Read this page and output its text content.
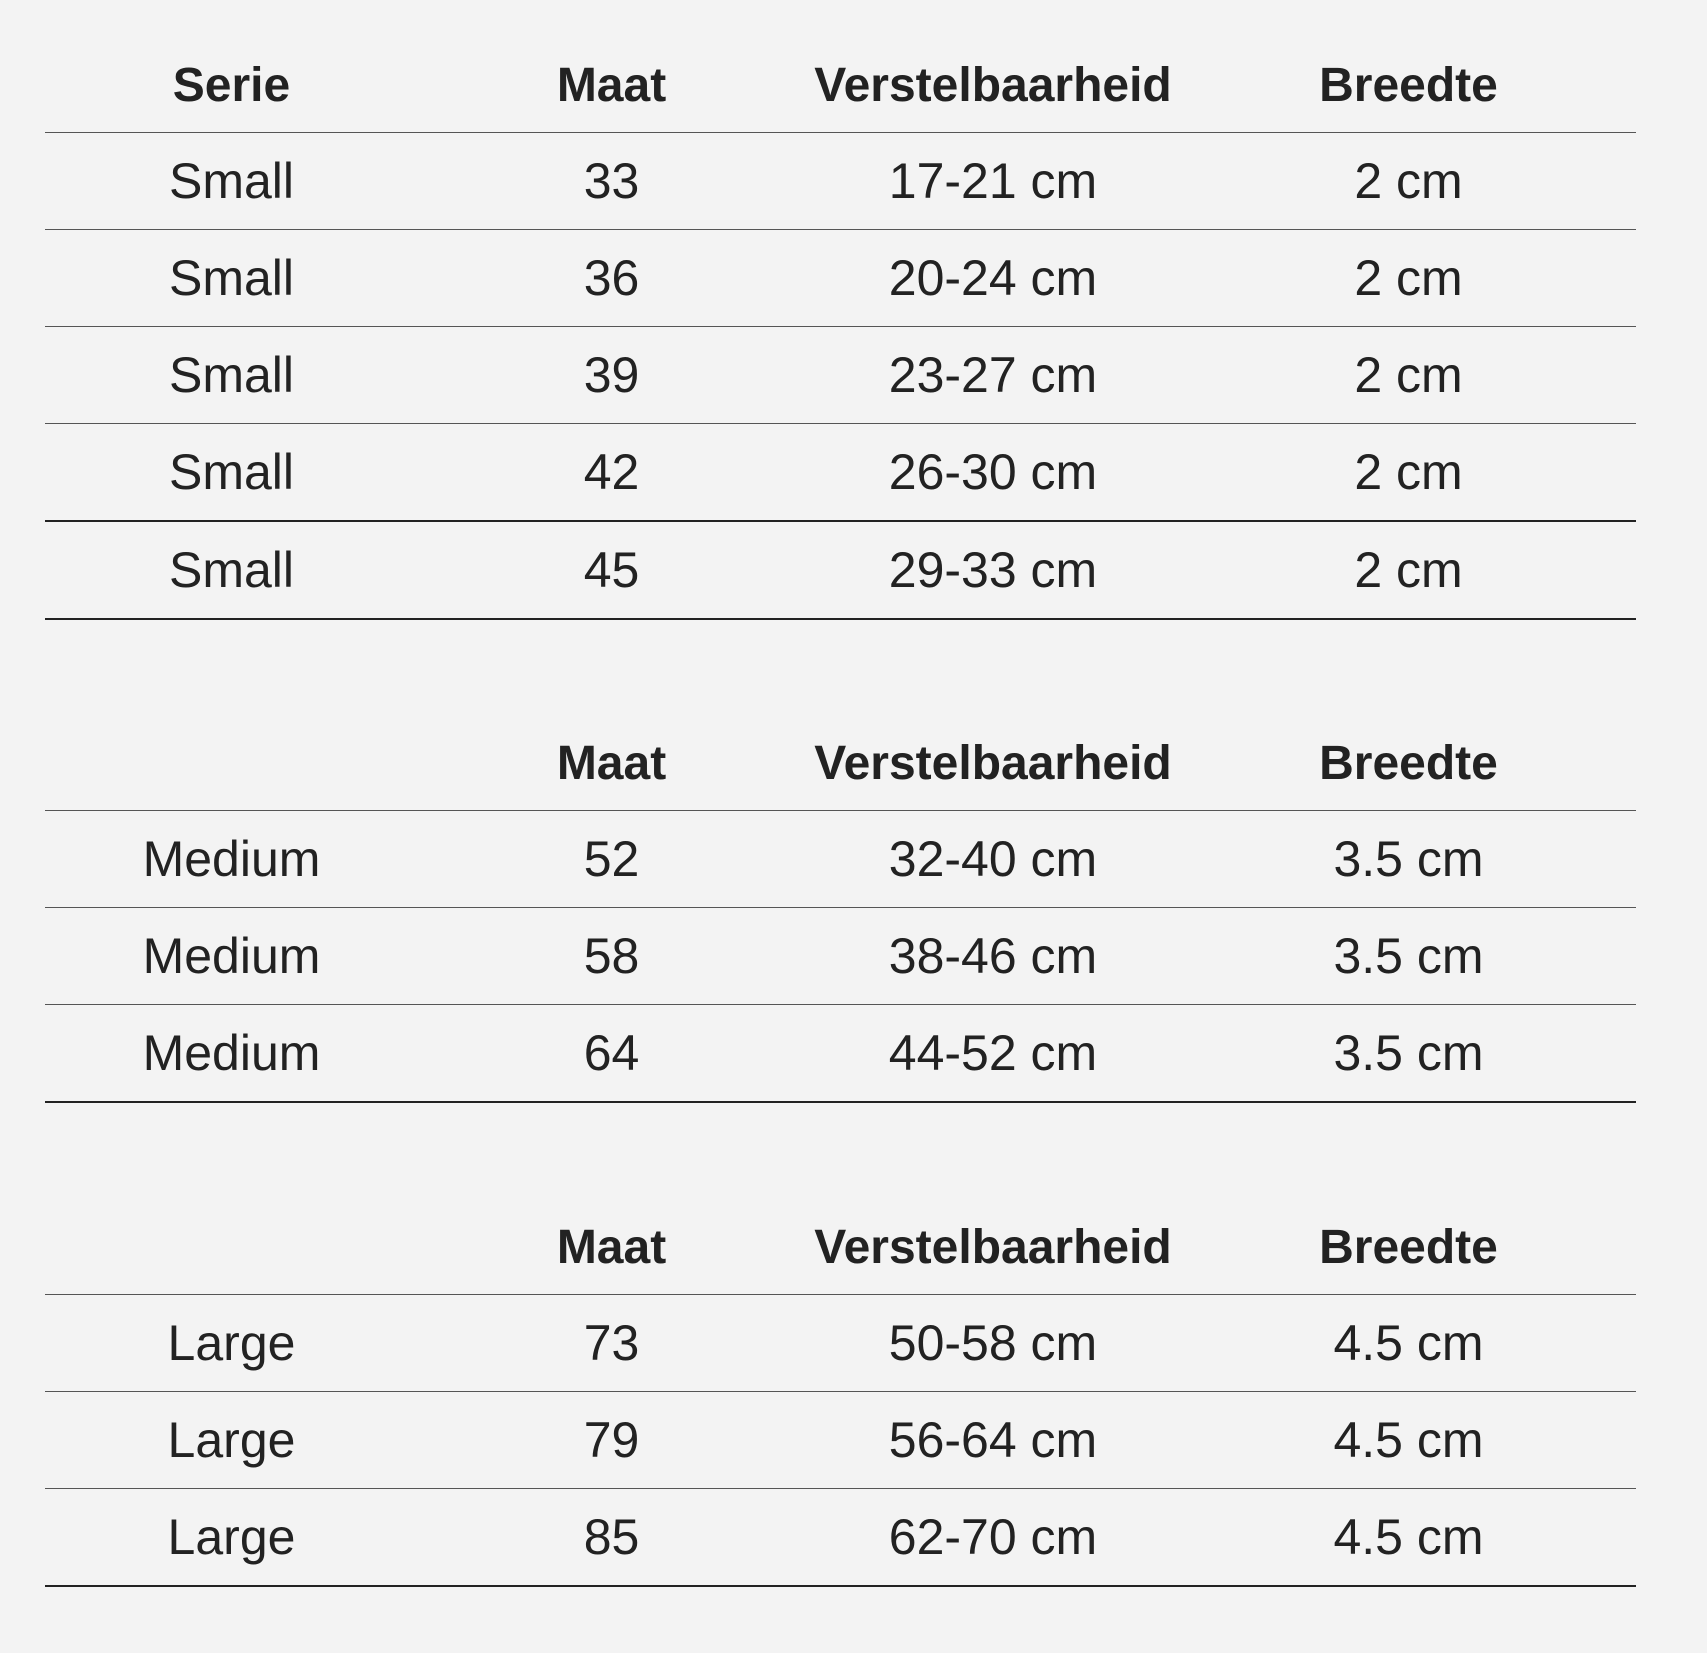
Serie	Maat	Verstelbaarheid	Breedte
Small	33	17-21 cm	2 cm
Small	36	20-24 cm	2 cm
Small	39	23-27 cm	2 cm
Small	42	26-30 cm	2 cm
Small	45	29-33 cm	2 cm
	Maat	Verstelbaarheid	Breedte
Medium	52	32-40 cm	3.5 cm
Medium	58	38-46 cm	3.5 cm
Medium	64	44-52 cm	3.5 cm
	Maat	Verstelbaarheid	Breedte
Large	73	50-58 cm	4.5 cm
Large	79	56-64 cm	4.5 cm
Large	85	62-70 cm	4.5 cm
